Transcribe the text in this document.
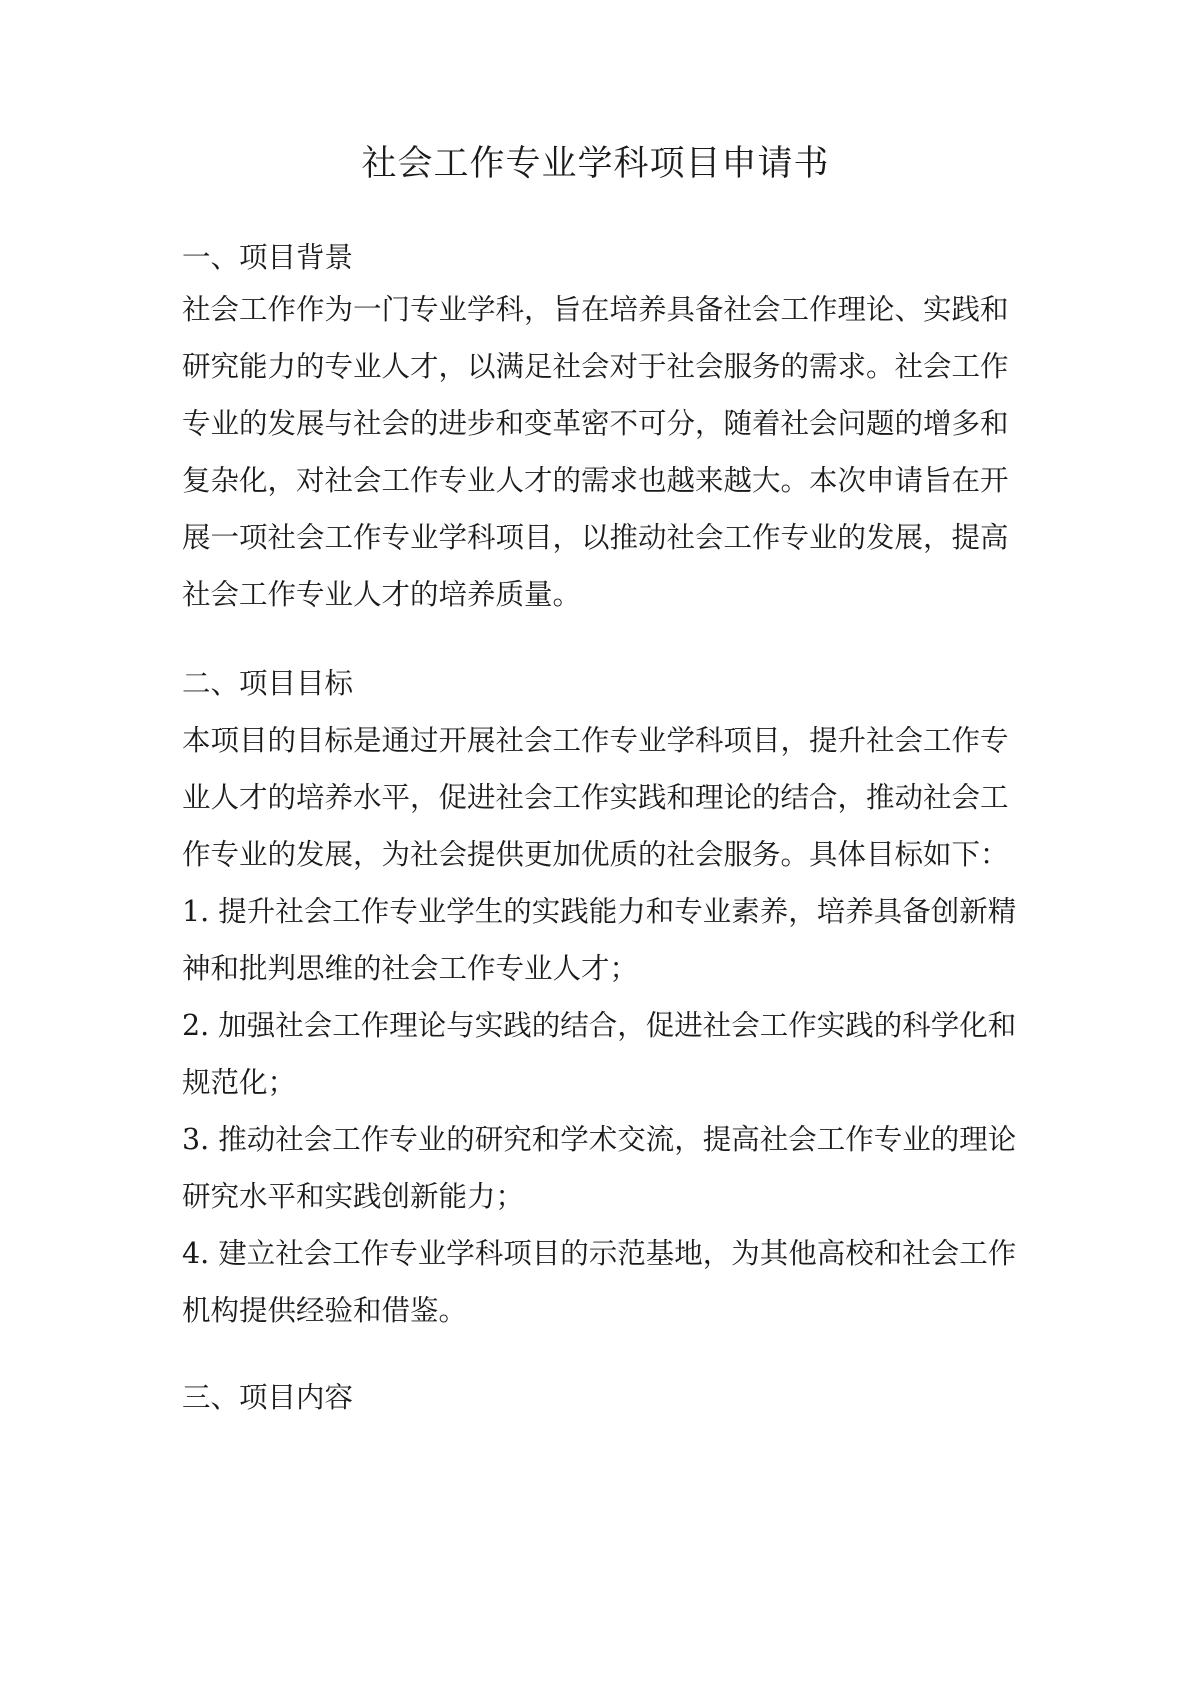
社会工作专业学科项目申请书

一、项目背景

社会工作作为一门专业学科，旨在培养具备社会工作理论、实践和

研究能力的专业人才，以满足社会对于社会服务的需求。社会工作

专业的发展与社会的进步和变革密不可分，随着社会问题的增多和

复杂化，对社会工作专业人才的需求也越来越大。本次申请旨在开

展一项社会工作专业学科项目，以推动社会工作专业的发展，提高

社会工作专业人才的培养质量。

二、项目目标

本项目的目标是通过开展社会工作专业学科项目，提升社会工作专

业人才的培养水平，促进社会工作实践和理论的结合，推动社会工

作专业的发展，为社会提供更加优质的社会服务。具体目标如下：

1. 提升社会工作专业学生的实践能力和专业素养，培养具备创新精

神和批判思维的社会工作专业人才；

2. 加强社会工作理论与实践的结合，促进社会工作实践的科学化和

规范化；

3. 推动社会工作专业的研究和学术交流，提高社会工作专业的理论

研究水平和实践创新能力；

4. 建立社会工作专业学科项目的示范基地，为其他高校和社会工作

机构提供经验和借鉴。

三、项目内容
